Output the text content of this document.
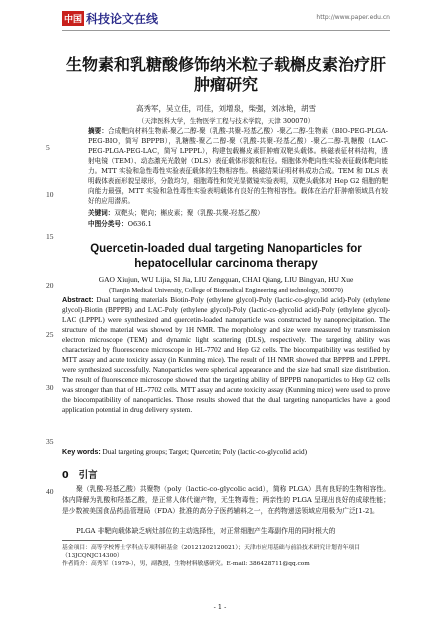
中国 科技论文在线	http://www.paper.edu.cn
生物素和乳糖酸修饰纳米粒子载槲皮素治疗肝肿瘤研究
高秀军，吴立佳，司佳，刘增泉，柴强，刘冰艳，胡雪
（天津医科大学，生物医学工程与技术学院，天津 300070）
摘要：合成靶向材料生物素-聚乙二醇-聚（乳酸-共聚-羟基乙酸）-聚乙二醇-生物素（BIO-PEG-PLGA-PEG-BIO，简写 BPPPB），乳糖酸-聚乙二醇-聚（乳酸-共聚-羟基乙酸）-聚乙二醇-乳糖酸（LAC-PEG-PLGA-PEG-LAC，简写 LPPPL），构建包载槲皮素肝肿瘤双靶头载体。核磁表征材料结构，透射电镜（TEM）、动态激光光散射（DLS）表征载体形貌和粒径。细胞体外靶向性实验表征载体靶向能力。MTT 实验和急性毒性实验表征载体的生物相容性。核磁结果证明材料成功合成。TEM 和 DLS 表明载体表面形貌呈球形，分散均匀，细胞毒性和荧光显微镜实验表明，双靶头载体对 Hep G2 细胞的靶向能力最强，MTT 实验和急性毒性实验表明载体有良好的生物相容性。载体在治疗肝肿瘤领域具有较好的应用潜质。
关键词：双靶头；靶向；槲皮素；聚（乳酸-共聚-羟基乙酸）
中图分类号：O636.1
Quercetin-loaded dual targeting Nanoparticles for hepatocellular carcinoma therapy
GAO Xiujun, WU Lijia, SI Jia, LIU Zengquan, CHAI Qiang, LIU Bingyan, HU Xue
(Tianjin Medical University, College of Biomedical Engineering and technology, 300070)
Abstract: Dual targeting materials Biotin-Poly (ethylene glycol)-Poly (lactic-co-glycolid acid)-Poly (ethylene glycol)-Biotin (BPPPB) and LAC-Poly (ethylene glycol)-Poly (lactic-co-glycolid acid)-Poly (ethylene glycol)-LAC (LPPPL) were synthesized and quercetin-loaded nanoparticle was constructed by nanoprecipitation. The structure of the material was showed by 1H NMR. The morphology and size were measured by transmission electron microscope (TEM) and dynamic light scattering (DLS), respectively. The targeting ability was characterized by fluorescence microscope in HL-7702 and Hep G2 cells. The biocompatibility was testified by MTT assay and acute toxicity assay (in Kunming mice). The result of 1H NMR showed that BPPPB and LPPPL were synthesized successfully. Nanoparticles were spherical appearance and the size had small size distribution. The result of fluorescence microscope showed that the targeting ability of BPPPB nanoparticles to Hep G2 cells was stronger than that of HL-7702 cells. MTT assay and acute toxicity assay (Kunming mice) were used to prove the biocompatibility of nanoparticles. Those results showed that the dual targeting nanoparticles have a good application potential in drug delivery system.
Key words: Dual targeting groups; Target; Quercetin; Poly (lactic-co-glycolid acid)
0 引言
聚（乳酸-羟基乙酸）共聚物（poly（lactic-co-glycolic acid），简称 PLGA）具有良好的生物相容性。体内降解为乳酸和羟基乙酸，是正常人体代谢产物，无生物毒性；两亲性的 PLGA 呈现出良好的成球性能；是少数被美国食品药品管理局（FDA）批准的高分子医药辅料之一，在药物递送领域应用极为广泛[1-2]。
PLGA 非靶向载体缺乏病灶部位的主动选择性，对正常细胞产生毒副作用的同时根大的
基金项目：高等学校博士学科点专项科研基金（20121202120021）；天津市应用基础与前沿技术研究计划青年项目（13JCQNJC14300）
作者简介：高秀军（1979-），男，副教授，生物材料敏感研究。E-mail: 386428711@qq.com
- 1 -
5
10
15
20
25
30
35
40
